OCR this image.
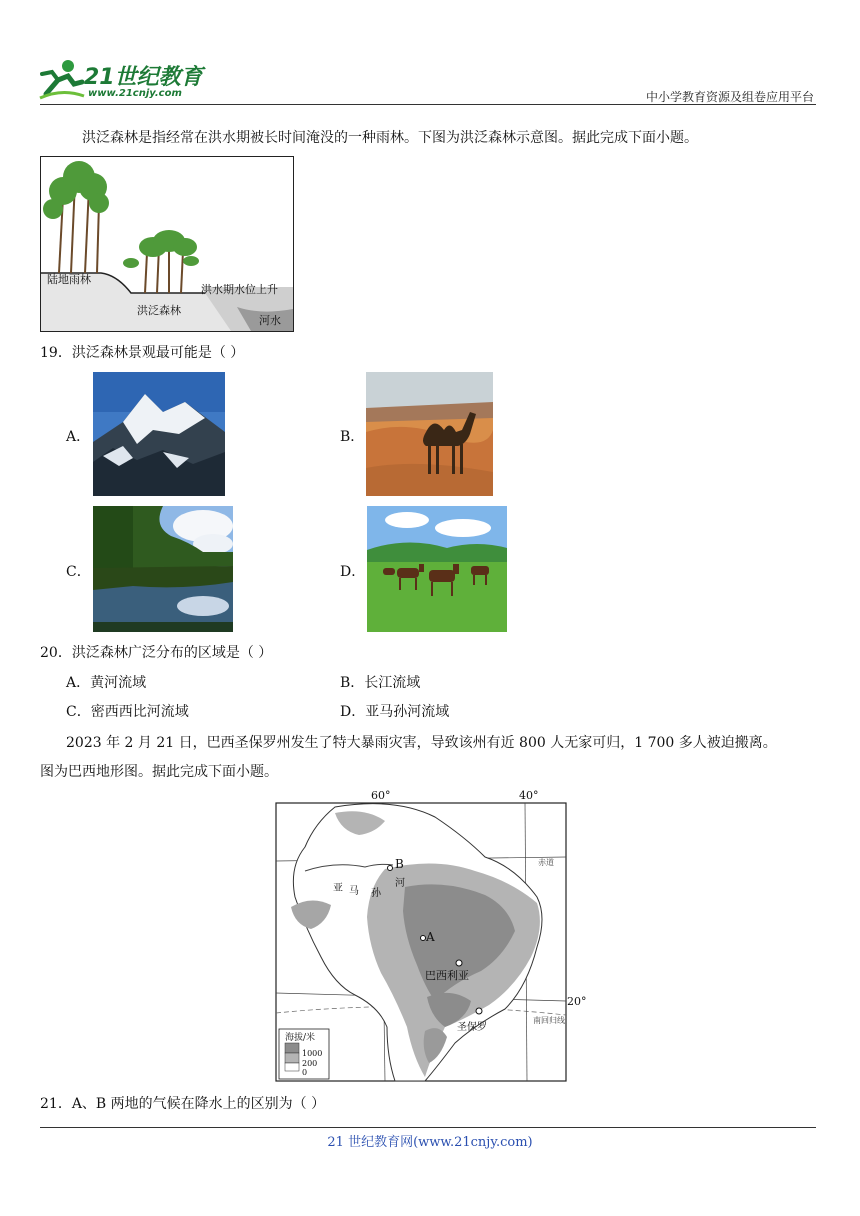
21世纪教育
www.21cnjy.com	中小学教育资源及组卷应用平台
洪泛森林是指经常在洪水期被长时间淹没的一种雨林。下图为洪泛森林示意图。据此完成下面小题。
陆地雨林
洪水期水位上升
洪泛森林
河水
19．洪泛森林景观最可能是（ ）
A．	B．
C．	D．
20．洪泛森林广泛分布的区域是（ ）
A．黄河流域	B．长江流域
C．密西西比河流域	D．亚马孙河流域
2023 年 2 月 21 日，巴西圣保罗州发生了特大暴雨灾害，导致该州有近 800 人无家可归，1 700 多人被迫搬离。
图为巴西地形图。据此完成下面小题。
60°	40°
20°
赤道
南回归线
B
A
亚 马 孙
河
巴西利亚
圣保罗
海拔/米
1000
200
0
21．A、B 两地的气候在降水上的区别为（ ）
21 世纪教育网(www.21cnjy.com)
